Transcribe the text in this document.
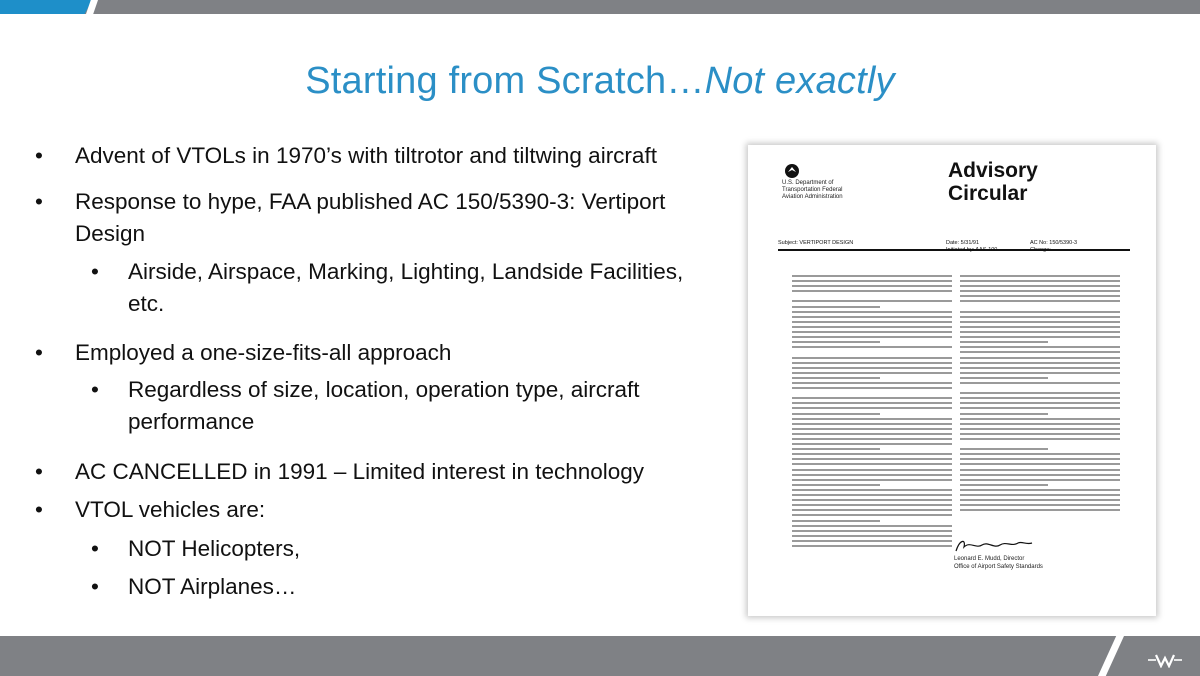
Starting from Scratch…Not exactly
• Advent of VTOLs in 1970’s with tiltrotor and tiltwing aircraft
• Response to hype, FAA published AC 150/5390-3: Vertiport Design
• Airside, Airspace, Marking, Lighting, Landside Facilities, etc.
• Employed a one-size-fits-all approach
• Regardless of size, location, operation type, aircraft performance
• AC CANCELLED in 1991 – Limited interest in technology
• VTOL vehicles are:
• NOT Helicopters,
• NOT Airplanes…
U.S. Department of Transportation Federal Aviation Administration
Advisory
Circular
Subject: VERTIPORT DESIGN	Date: 5/31/91	AC No: 150/5390-3
Leonard E. Mudd, Director
Office of Airport Safety Standards
